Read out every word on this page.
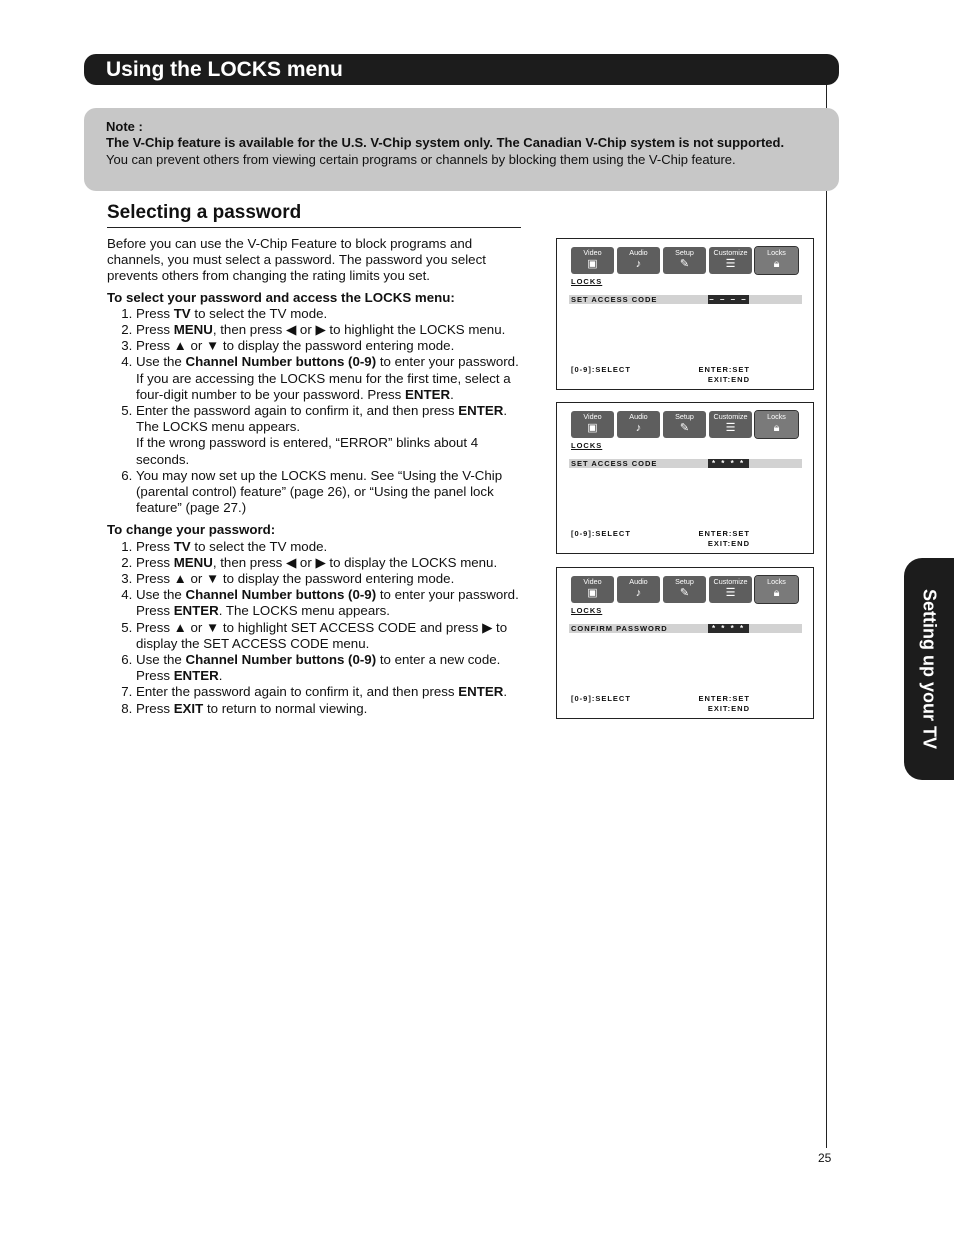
Using the LOCKS menu
Note :
The V-Chip feature is available for the U.S. V-Chip system only. The Canadian V-Chip system is not supported.
You can prevent others from viewing certain programs or channels by blocking them using the V-Chip feature.
Selecting a password

Before you can use the V-Chip Feature to block programs and channels, you must select a password. The password you select prevents others from changing the rating limits you set.

To select your password and access the LOCKS menu:

1. Press TV to select the TV mode.
2. Press MENU, then press ◀ or ▶ to highlight the LOCKS menu.
3. Press ▲ or ▼ to display the password entering mode.
4. Use the Channel Number buttons (0-9) to enter your password.
If you are accessing the LOCKS menu for the first time, select a four-digit number to be your password. Press ENTER.
5. Enter the password again to confirm it, and then press ENTER. The LOCKS menu appears.
If the wrong password is entered, “ERROR” blinks about 4 seconds.
6. You may now set up the LOCKS menu. See “Using the V-Chip (parental control) feature” (page 26), or “Using the panel lock feature” (page 27.)

To change your password:

1. Press TV to select the TV mode.
2. Press MENU, then press ◀ or ▶ to display the LOCKS menu.
3. Press ▲ or ▼ to display the password entering mode.
4. Use the Channel Number buttons (0-9) to enter your password.
Press ENTER. The LOCKS menu appears.
5. Press ▲ or ▼ to highlight SET ACCESS CODE and press ▶ to display the SET ACCESS CODE menu.
6. Use the Channel Number buttons (0-9) to enter a new code. Press ENTER.
7. Enter the password again to confirm it, and then press ENTER.
8. Press EXIT to return to normal viewing.
Video
▣
Audio
♪
Setup
✎
Customize
☰
Locks
🔒︎
LOCKS
SET ACCESS CODE	– – – –
[0-9]:SELECT	ENTER:SET
EXIT:END
Video
▣
Audio
♪
Setup
✎
Customize
☰
Locks
🔒︎
LOCKS
SET ACCESS CODE	* * * *
[0-9]:SELECT	ENTER:SET
EXIT:END
Video
▣
Audio
♪
Setup
✎
Customize
☰
Locks
🔒︎
LOCKS
CONFIRM PASSWORD	* * * *
[0-9]:SELECT	ENTER:SET
EXIT:END	Setting up your TV
25
